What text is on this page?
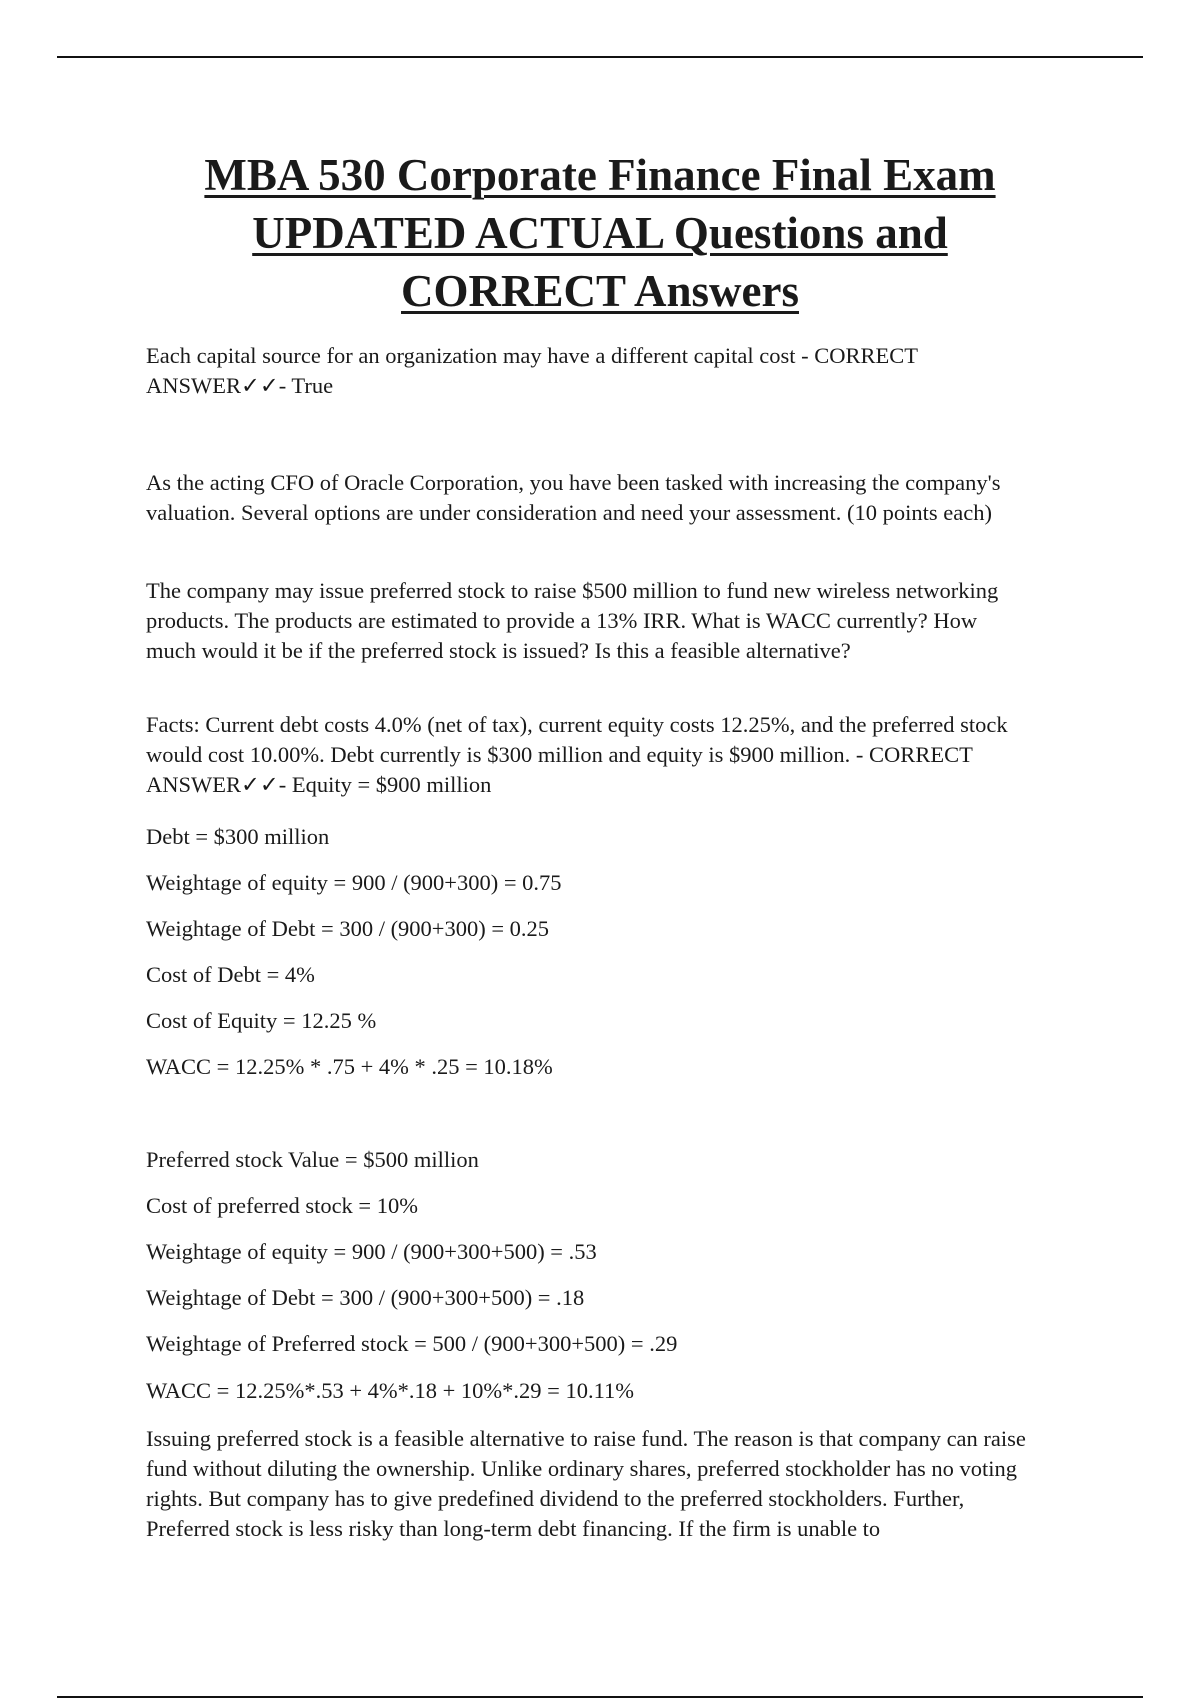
MBA 530 Corporate Finance Final Exam
UPDATED ACTUAL Questions and
CORRECT Answers

Each capital source for an organization may have a different capital cost - CORRECT ANSWER✓✓- True

As the acting CFO of Oracle Corporation, you have been tasked with increasing the company's valuation. Several options are under consideration and need your assessment. (10 points each)

The company may issue preferred stock to raise $500 million to fund new wireless networking products. The products are estimated to provide a 13% IRR. What is WACC currently? How much would it be if the preferred stock is issued? Is this a feasible alternative?

Facts: Current debt costs 4.0% (net of tax), current equity costs 12.25%, and the preferred stock would cost 10.00%. Debt currently is $300 million and equity is $900 million. - CORRECT ANSWER✓✓- Equity = $900 million

Debt = $300 million

Weightage of equity = 900 / (900+300) = 0.75

Weightage of Debt = 300 / (900+300) = 0.25

Cost of Debt = 4%

Cost of Equity = 12.25 %

WACC = 12.25% * .75 + 4% * .25 = 10.18%

Preferred stock Value = $500 million

Cost of preferred stock = 10%

Weightage of equity = 900 / (900+300+500) = .53

Weightage of Debt = 300 / (900+300+500) = .18

Weightage of Preferred stock = 500 / (900+300+500) = .29

WACC = 12.25%*.53 + 4%*.18 + 10%*.29 = 10.11%

Issuing preferred stock is a feasible alternative to raise fund. The reason is that company can raise fund without diluting the ownership. Unlike ordinary shares, preferred stockholder has no voting rights. But company has to give predefined dividend to the preferred stockholders. Further, Preferred stock is less risky than long-term debt financing. If the firm is unable to
